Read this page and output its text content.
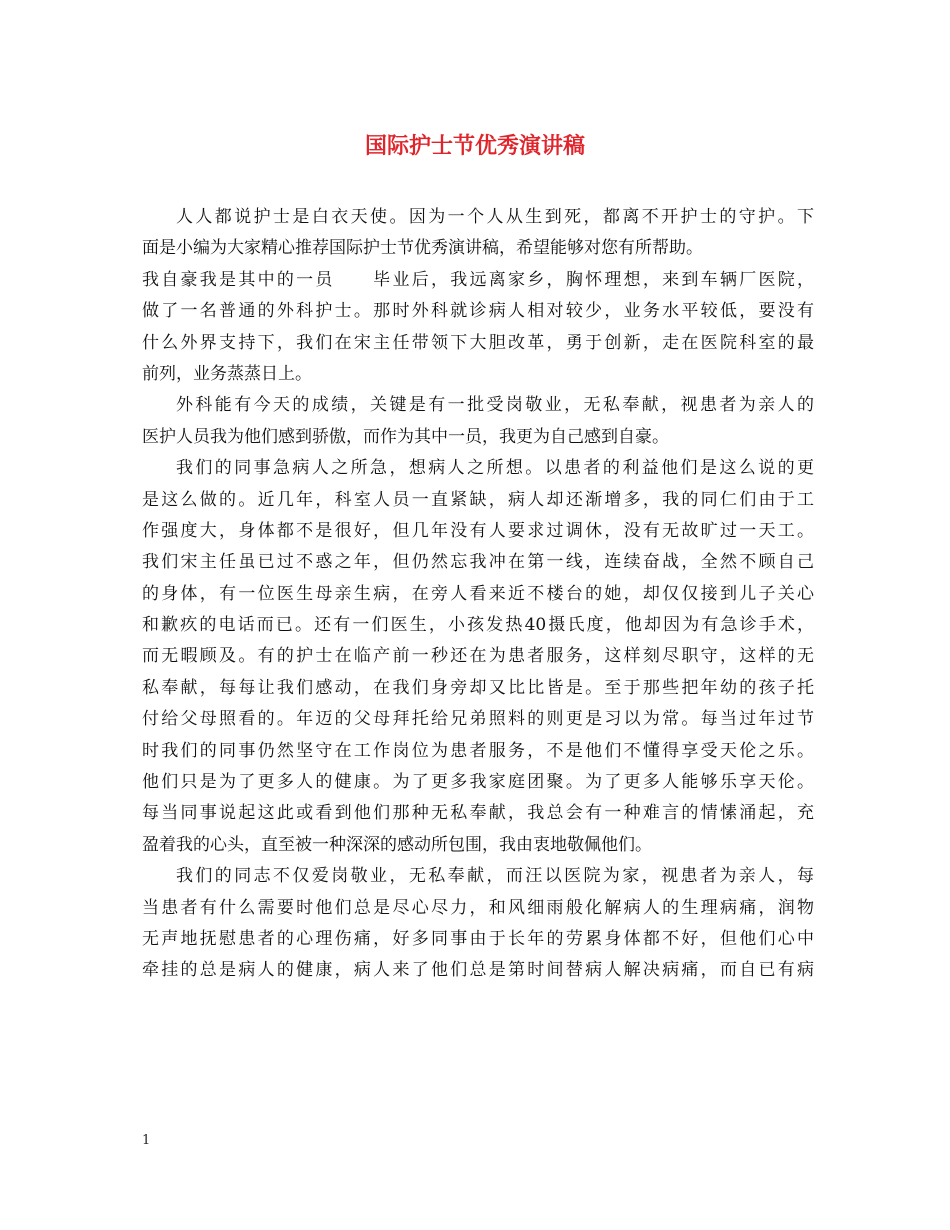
国际护士节优秀演讲稿
人人都说护士是白衣天使。因为一个人从生到死，都离不开护士的守护。下
面是小编为大家精心推荐国际护士节优秀演讲稿，希望能够对您有所帮助。
我自豪我是其中的一员　　毕业后，我远离家乡，胸怀理想，来到车辆厂医院，
做了一名普通的外科护士。那时外科就诊病人相对较少，业务水平较低，要没有
什么外界支持下，我们在宋主任带领下大胆改革，勇于创新，走在医院科室的最
前列，业务蒸蒸日上。
外科能有今天的成绩，关键是有一批受岗敬业，无私奉献，视患者为亲人的
医护人员我为他们感到骄傲，而作为其中一员，我更为自己感到自豪。
我们的同事急病人之所急，想病人之所想。以患者的利益他们是这么说的更
是这么做的。近几年，科室人员一直紧缺，病人却还渐增多，我的同仁们由于工
作强度大，身体都不是很好，但几年没有人要求过调休，没有无故旷过一天工。
我们宋主任虽已过不惑之年，但仍然忘我冲在第一线，连续奋战，全然不顾自己
的身体，有一位医生母亲生病，在旁人看来近不楼台的她，却仅仅接到儿子关心
和歉疚的电话而已。还有一们医生，小孩发热40摄氏度，他却因为有急诊手术，
而无暇顾及。有的护士在临产前一秒还在为患者服务，这样刻尽职守，这样的无
私奉献，每每让我们感动，在我们身旁却又比比皆是。至于那些把年幼的孩子托
付给父母照看的。年迈的父母拜托给兄弟照料的则更是习以为常。每当过年过节
时我们的同事仍然坚守在工作岗位为患者服务，不是他们不懂得享受天伦之乐。
他们只是为了更多人的健康。为了更多我家庭团聚。为了更多人能够乐享天伦。
每当同事说起这此或看到他们那种无私奉献，我总会有一种难言的情愫涌起，充
盈着我的心头，直至被一种深深的感动所包围，我由衷地敬佩他们。
我们的同志不仅爱岗敬业，无私奉献，而汪以医院为家，视患者为亲人，每
当患者有什么需要时他们总是尽心尽力，和风细雨般化解病人的生理病痛，润物
无声地抚慰患者的心理伤痛，好多同事由于长年的劳累身体都不好，但他们心中
牵挂的总是病人的健康，病人来了他们总是第时间替病人解决病痛，而自已有病
1
